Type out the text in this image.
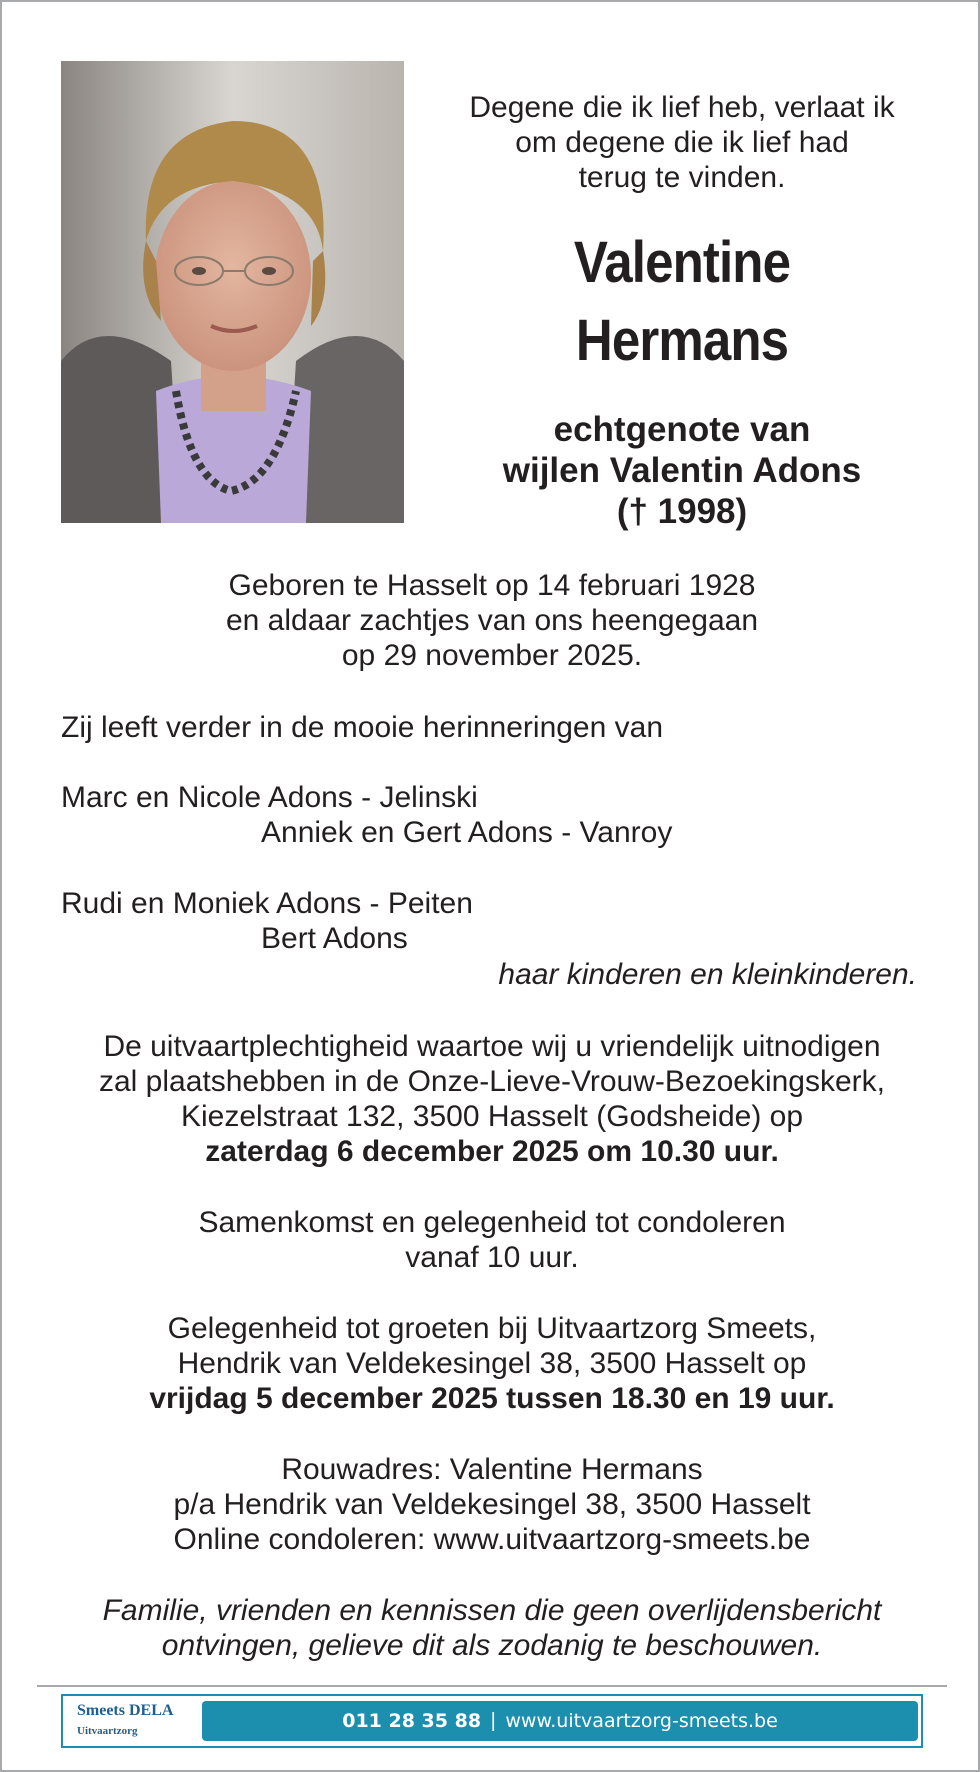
Degene die ik lief heb, verlaat ik
om degene die ik lief had
terug te vinden.
Valentine
Hermans
echtgenote van
wijlen Valentin Adons
(† 1998)
Geboren te Hasselt op 14 februari 1928
en aldaar zachtjes van ons heengegaan
op 29 november 2025.
Zij leeft verder in de mooie herinneringen van
Marc en Nicole Adons - Jelinski
Anniek en Gert Adons - Vanroy
Rudi en Moniek Adons - Peiten
Bert Adons
haar kinderen en kleinkinderen.
De uitvaartplechtigheid waartoe wij u vriendelijk uitnodigen
zal plaatshebben in de Onze-Lieve-Vrouw-Bezoekingskerk,
Kiezelstraat 132, 3500 Hasselt (Godsheide) op
zaterdag 6 december 2025 om 10.30 uur.
Samenkomst en gelegenheid tot condoleren
vanaf 10 uur.
Gelegenheid tot groeten bij Uitvaartzorg Smeets,
Hendrik van Veldekesingel 38, 3500 Hasselt op
vrijdag 5 december 2025 tussen 18.30 en 19 uur.
Rouwadres: Valentine Hermans
p/a Hendrik van Veldekesingel 38, 3500 Hasselt
Online condoleren: www.uitvaartzorg-smeets.be
Familie, vrienden en kennissen die geen overlijdensbericht
ontvingen, gelieve dit als zodanig te beschouwen.
Smeets DELA
Uitvaartzorg	011 28 35 88 | www.uitvaartzorg-smeets.be
